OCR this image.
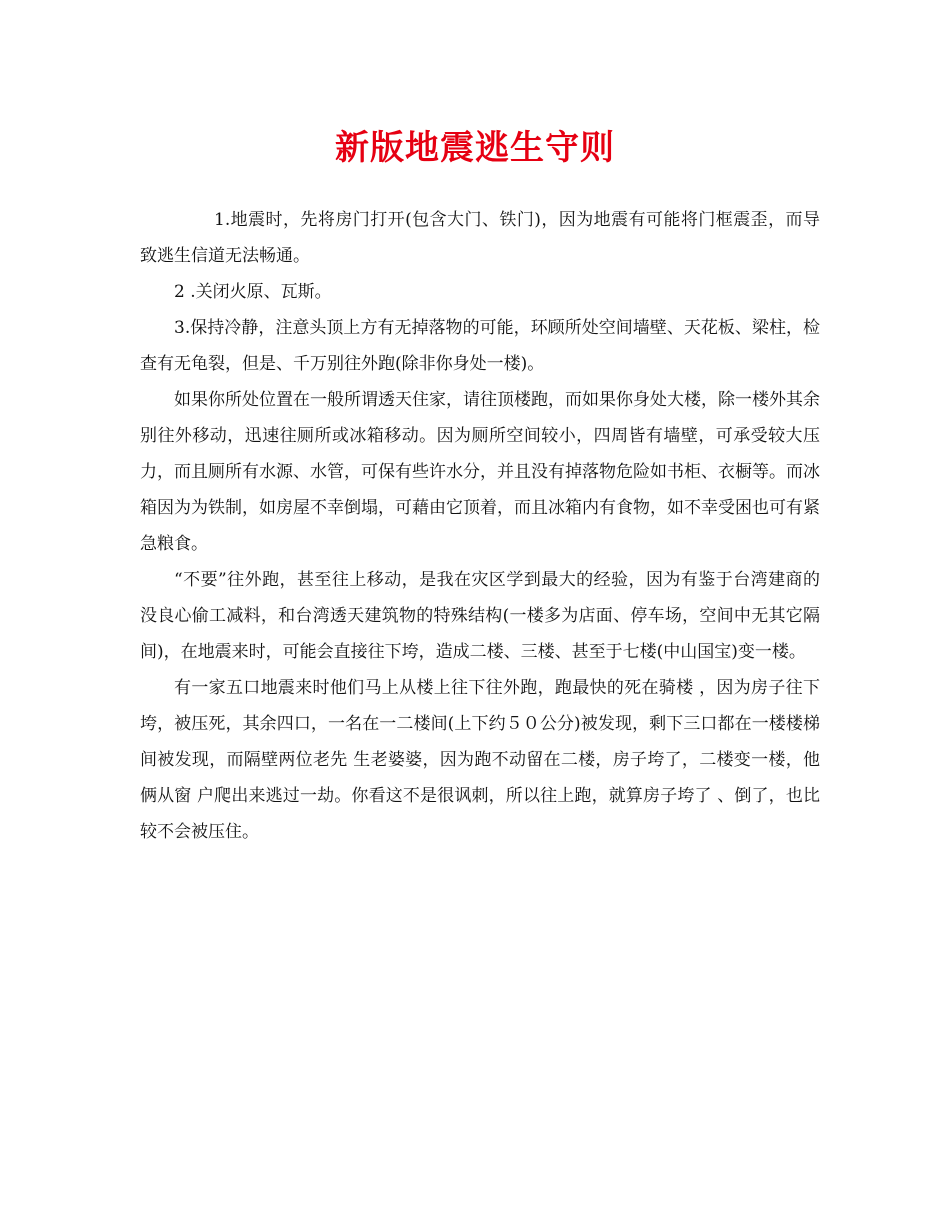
新版地震逃生守则

1.地震时，先将房门打开(包含大门、铁门)，因为地震有可能将门框震歪，而导致逃生信道无法畅通。

2 .关闭火原、瓦斯。

3.保持冷静，注意头顶上方有无掉落物的可能，环顾所处空间墙壁、天花板、梁柱，检查有无龟裂，但是、千万别往外跑(除非你身处一楼)。

如果你所处位置在一般所谓透天住家，请往顶楼跑，而如果你身处大楼，除一楼外其余别往外移动，迅速往厕所或冰箱移动。因为厕所空间较小，四周皆有墙壁，可承受较大压力，而且厕所有水源、水管，可保有些许水分，并且没有掉落物危险如书柜、衣橱等。而冰箱因为为铁制，如房屋不幸倒塌，可藉由它顶着，而且冰箱内有食物，如不幸受困也可有紧急粮食。

“不要”往外跑，甚至往上移动，是我在灾区学到最大的经验，因为有鉴于台湾建商的没良心偷工减料，和台湾透天建筑物的特殊结构(一楼多为店面、停车场，空间中无其它隔间)，在地震来时，可能会直接往下垮，造成二楼、三楼、甚至于七楼(中山国宝)变一楼。

有一家五口地震来时他们马上从楼上往下往外跑，跑最快的死在骑楼 ，因为房子往下垮，被压死，其余四口，一名在一二楼间(上下约５０公分)被发现，剩下三口都在一楼楼梯间被发现，而隔壁两位老先 生老婆婆，因为跑不动留在二楼，房子垮了，二楼变一楼，他俩从窗 户爬出来逃过一劫。你看这不是很讽刺，所以往上跑，就算房子垮了 、倒了，也比较不会被压住。
